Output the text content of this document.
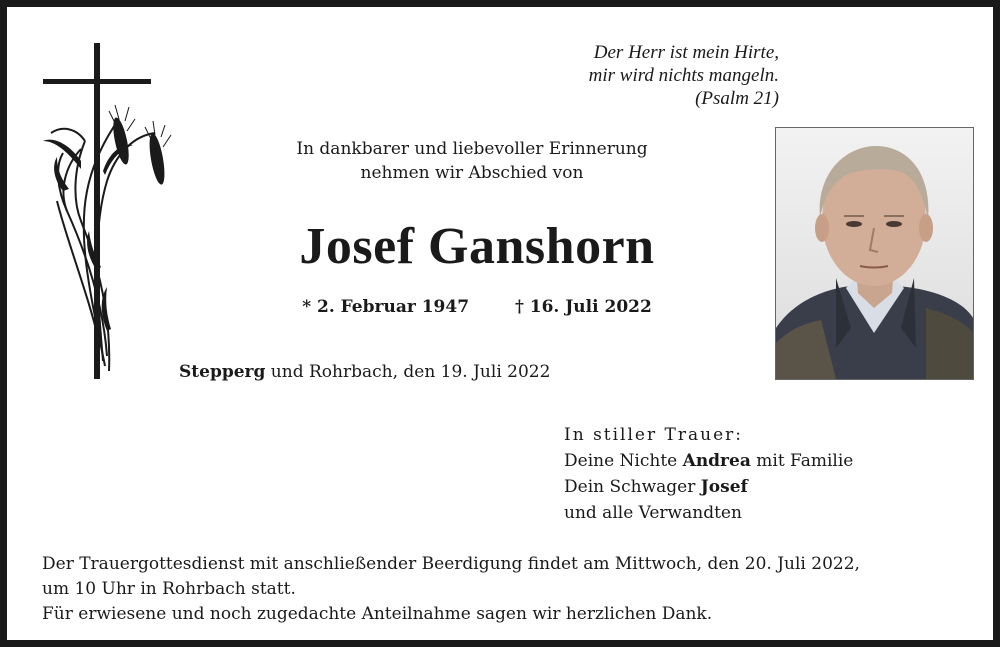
Der Herr ist mein Hirte,
mir wird nichts mangeln.
(Psalm 21)
In dankbarer und liebevoller Erinnerung
nehmen wir Abschied von
Josef Ganshorn
* 2. Februar 1947	† 16. Juli 2022
Stepperg und Rohrbach, den 19. Juli 2022
In stiller Trauer:
Deine Nichte Andrea mit Familie
Dein Schwager Josef
und alle Verwandten
Der Trauergottesdienst mit anschließender Beerdigung findet am Mittwoch, den 20. Juli 2022,
um 10 Uhr in Rohrbach statt.
Für erwiesene und noch zugedachte Anteilnahme sagen wir herzlichen Dank.
